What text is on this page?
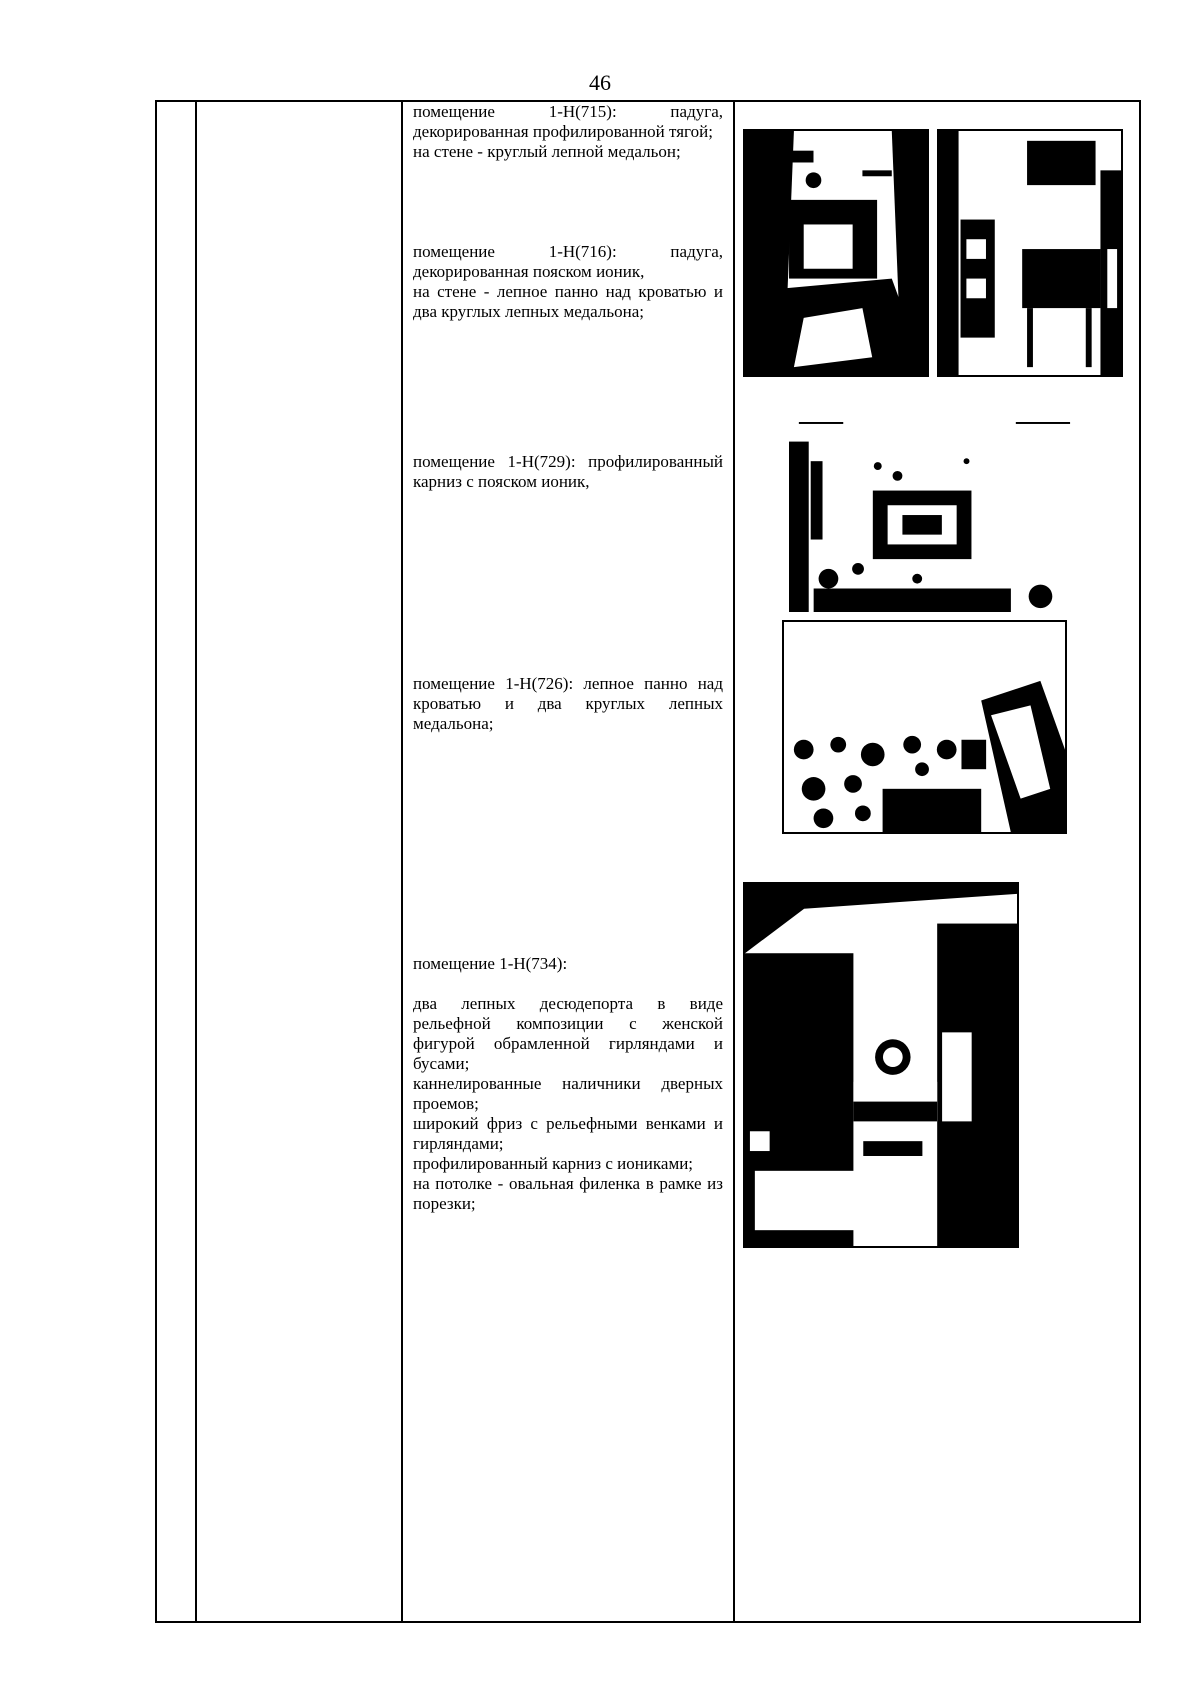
46

помещение 1-Н(715): падуга, декорированная профилированной тягой;

на стене - круглый лепной медальон;

помещение 1-Н(716): падуга, декорированная пояском ионик,

на стене - лепное панно над кроватью и два круглых лепных медальона;

помещение 1-Н(729): профилированный карниз с пояском ионик,

помещение 1-Н(726): лепное панно над кроватью и два круглых лепных медальона;

помещение 1-Н(734):

два лепных десюдепорта в виде рельефной композиции с женской фигурой обрамленной гирляндами и бусами;

каннелированные наличники дверных проемов;

широкий фриз с рельефными венками и гирляндами;

профилированный карниз с иониками;

на потолке - овальная филенка в рамке из порезки;
